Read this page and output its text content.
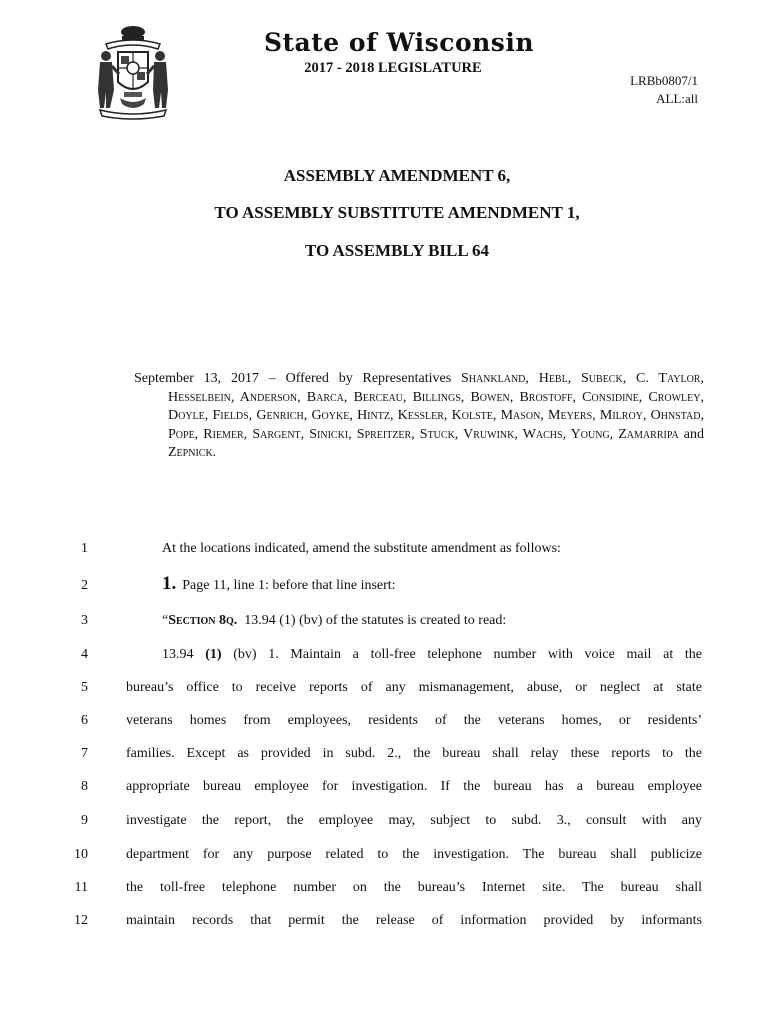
State of Wisconsin
2017 - 2018 LEGISLATURE
LRBb0807/1
ALL:all
ASSEMBLY AMENDMENT 6,
TO ASSEMBLY SUBSTITUTE AMENDMENT 1,
TO ASSEMBLY BILL 64

September 13, 2017 – Offered by Representatives Shankland, Hebl, Subeck, C. Taylor, Hesselbein, Anderson, Barca, Berceau, Billings, Bowen, Brostoff, Considine, Crowley, Doyle, Fields, Genrich, Goyke, Hintz, Kessler, Kolste, Mason, Meyers, Milroy, Ohnstad, Pope, Riemer, Sargent, Sinicki, Spreitzer, Stuck, Vruwink, Wachs, Young, Zamarripa and Zepnick.

1	At the locations indicated, amend the substitute amendment as follows:
2	1. Page 11, line 1: before that line insert:
3	“Section 8q.  13.94 (1) (bv) of the statutes is created to read:
4	13.94 (1) (bv) 1. Maintain a toll-free telephone number with voice mail at the
5	bureau’s office to receive reports of any mismanagement, abuse, or neglect at state
6	veterans homes from employees, residents of the veterans homes, or residents’
7	families. Except as provided in subd. 2., the bureau shall relay these reports to the
8	appropriate bureau employee for investigation. If the bureau has a bureau employee
9	investigate the report, the employee may, subject to subd. 3., consult with any
10	department for any purpose related to the investigation. The bureau shall publicize
11	the toll-free telephone number on the bureau’s Internet site. The bureau shall
12	maintain records that permit the release of information provided by informants
